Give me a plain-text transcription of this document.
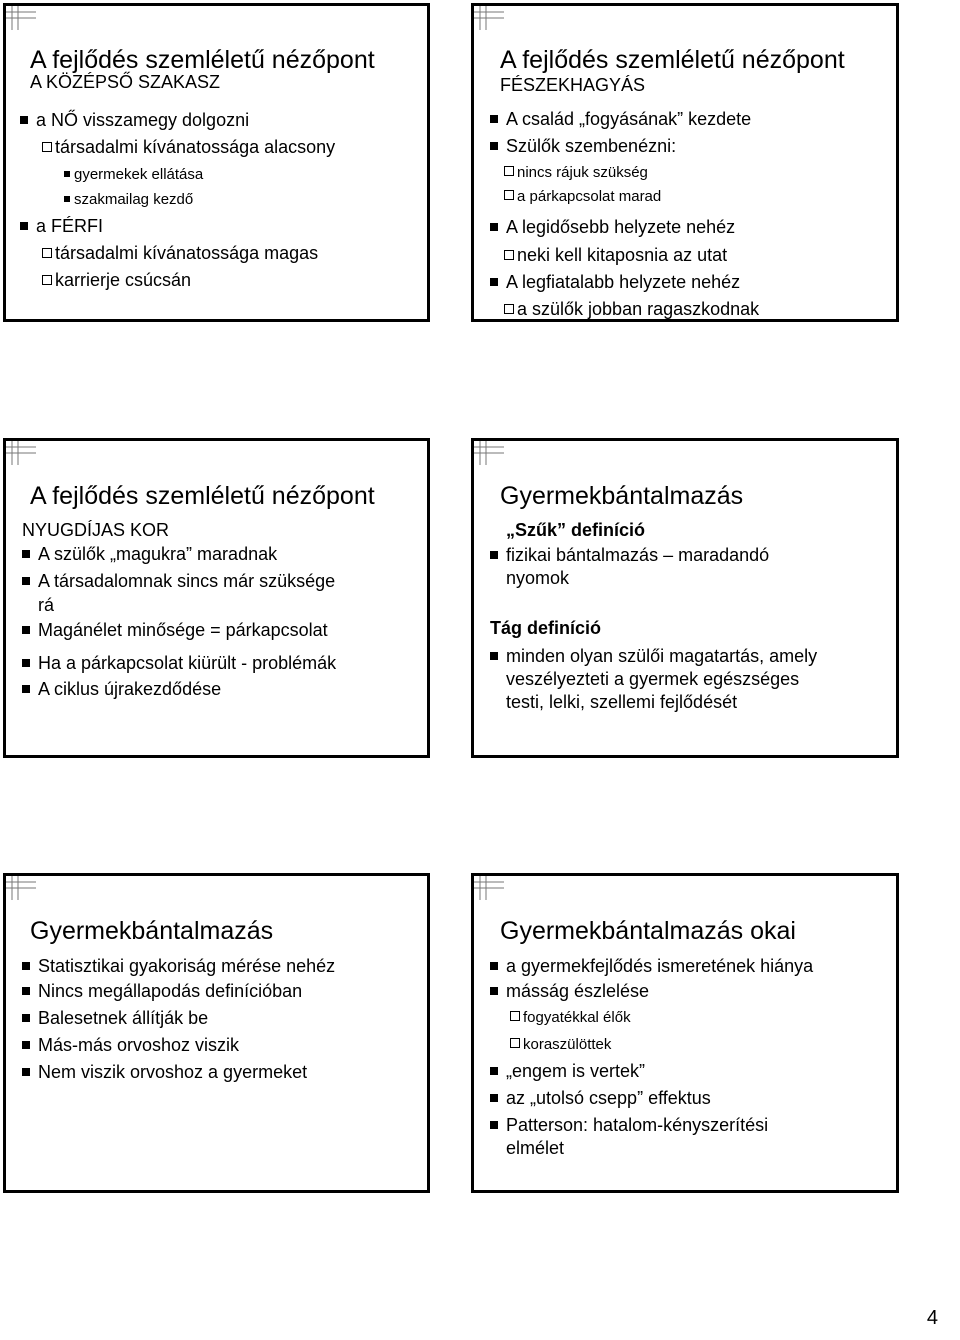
A fejlődés szemléletű nézőpont
A KÖZÉPSŐ SZAKASZ
a NŐ visszamegy dolgozni
társadalmi kívánatossága alacsony
gyermekek ellátása
szakmailag kezdő
a FÉRFI
társadalmi kívánatossága magas
karrierje csúcsán
A fejlődés szemléletű nézőpont
FÉSZEKHAGYÁS
A család „fogyásának” kezdete
Szülők szembenézni:
nincs rájuk szükség
a párkapcsolat marad
A legidősebb helyzete nehéz
neki kell kitaposnia az utat
A legfiatalabb helyzete nehéz
a szülők jobban ragaszkodnak
A fejlődés szemléletű nézőpont
NYUGDÍJAS KOR
A szülők „magukra” maradnak
A társadalomnak sincs már szüksége
rá
Magánélet minősége = párkapcsolat
Ha a párkapcsolat kiürült - problémák
A ciklus újrakezdődése
Gyermekbántalmazás
„Szűk” definíció
fizikai bántalmazás – maradandó
nyomok
Tág definíció
minden olyan szülői magatartás, amely
veszélyezteti a gyermek egészséges
testi, lelki, szellemi fejlődését
Gyermekbántalmazás
Statisztikai gyakoriság mérése nehéz
Nincs megállapodás definícióban
Balesetnek állítják be
Más-más orvoshoz viszik
Nem viszik orvoshoz a gyermeket
Gyermekbántalmazás okai
a gyermekfejlődés ismeretének hiánya
másság észlelése
fogyatékkal élők
koraszülöttek
„engem is vertek”
az „utolsó csepp” effektus
Patterson: hatalom-kényszerítési
elmélet
4
